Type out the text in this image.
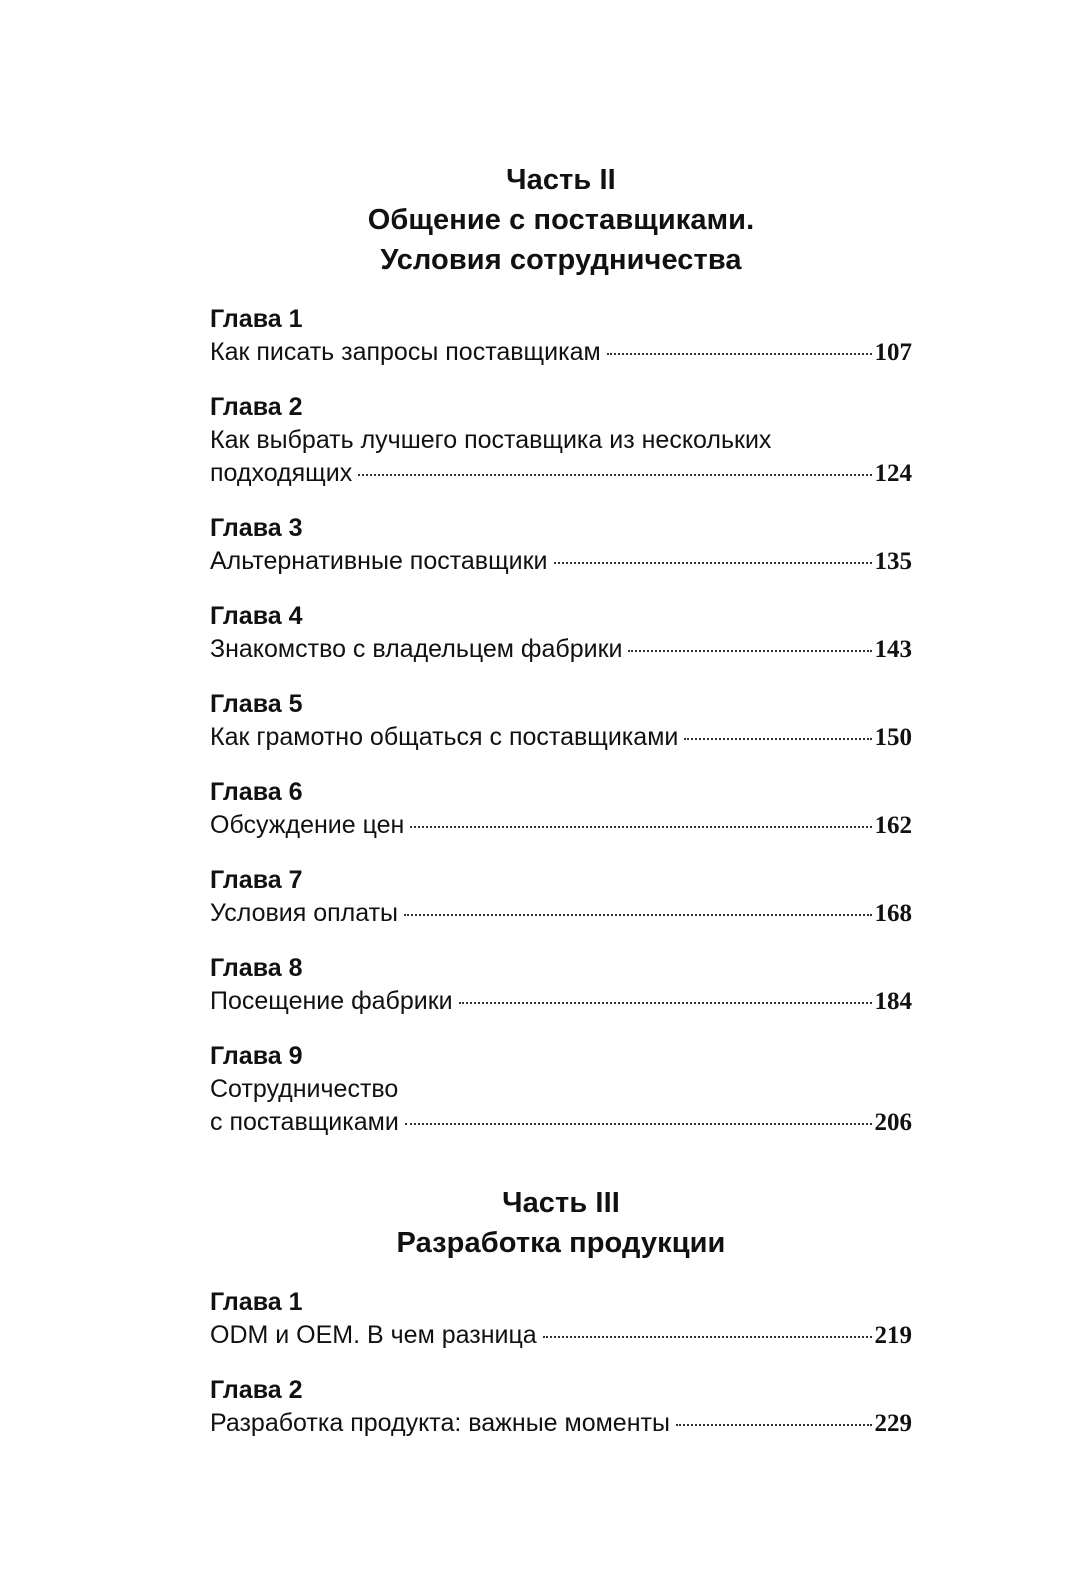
Часть II
Общение с поставщиками.
Условия сотрудничества
Глава 1
Как писать запросы поставщикам	107
Глава 2
Как выбрать лучшего поставщика из нескольких
подходящих	124
Глава 3
Альтернативные поставщики	135
Глава 4
Знакомство с владельцем фабрики	143
Глава 5
Как грамотно общаться с поставщиками	150
Глава 6
Обсуждение цен	162
Глава 7
Условия оплаты	168
Глава 8
Посещение фабрики	184
Глава 9
Сотрудничество
с поставщиками	206
Часть III
Разработка продукции
Глава 1
ODM и OEM. В чем разница	219
Глава 2
Разработка продукта: важные моменты	229
